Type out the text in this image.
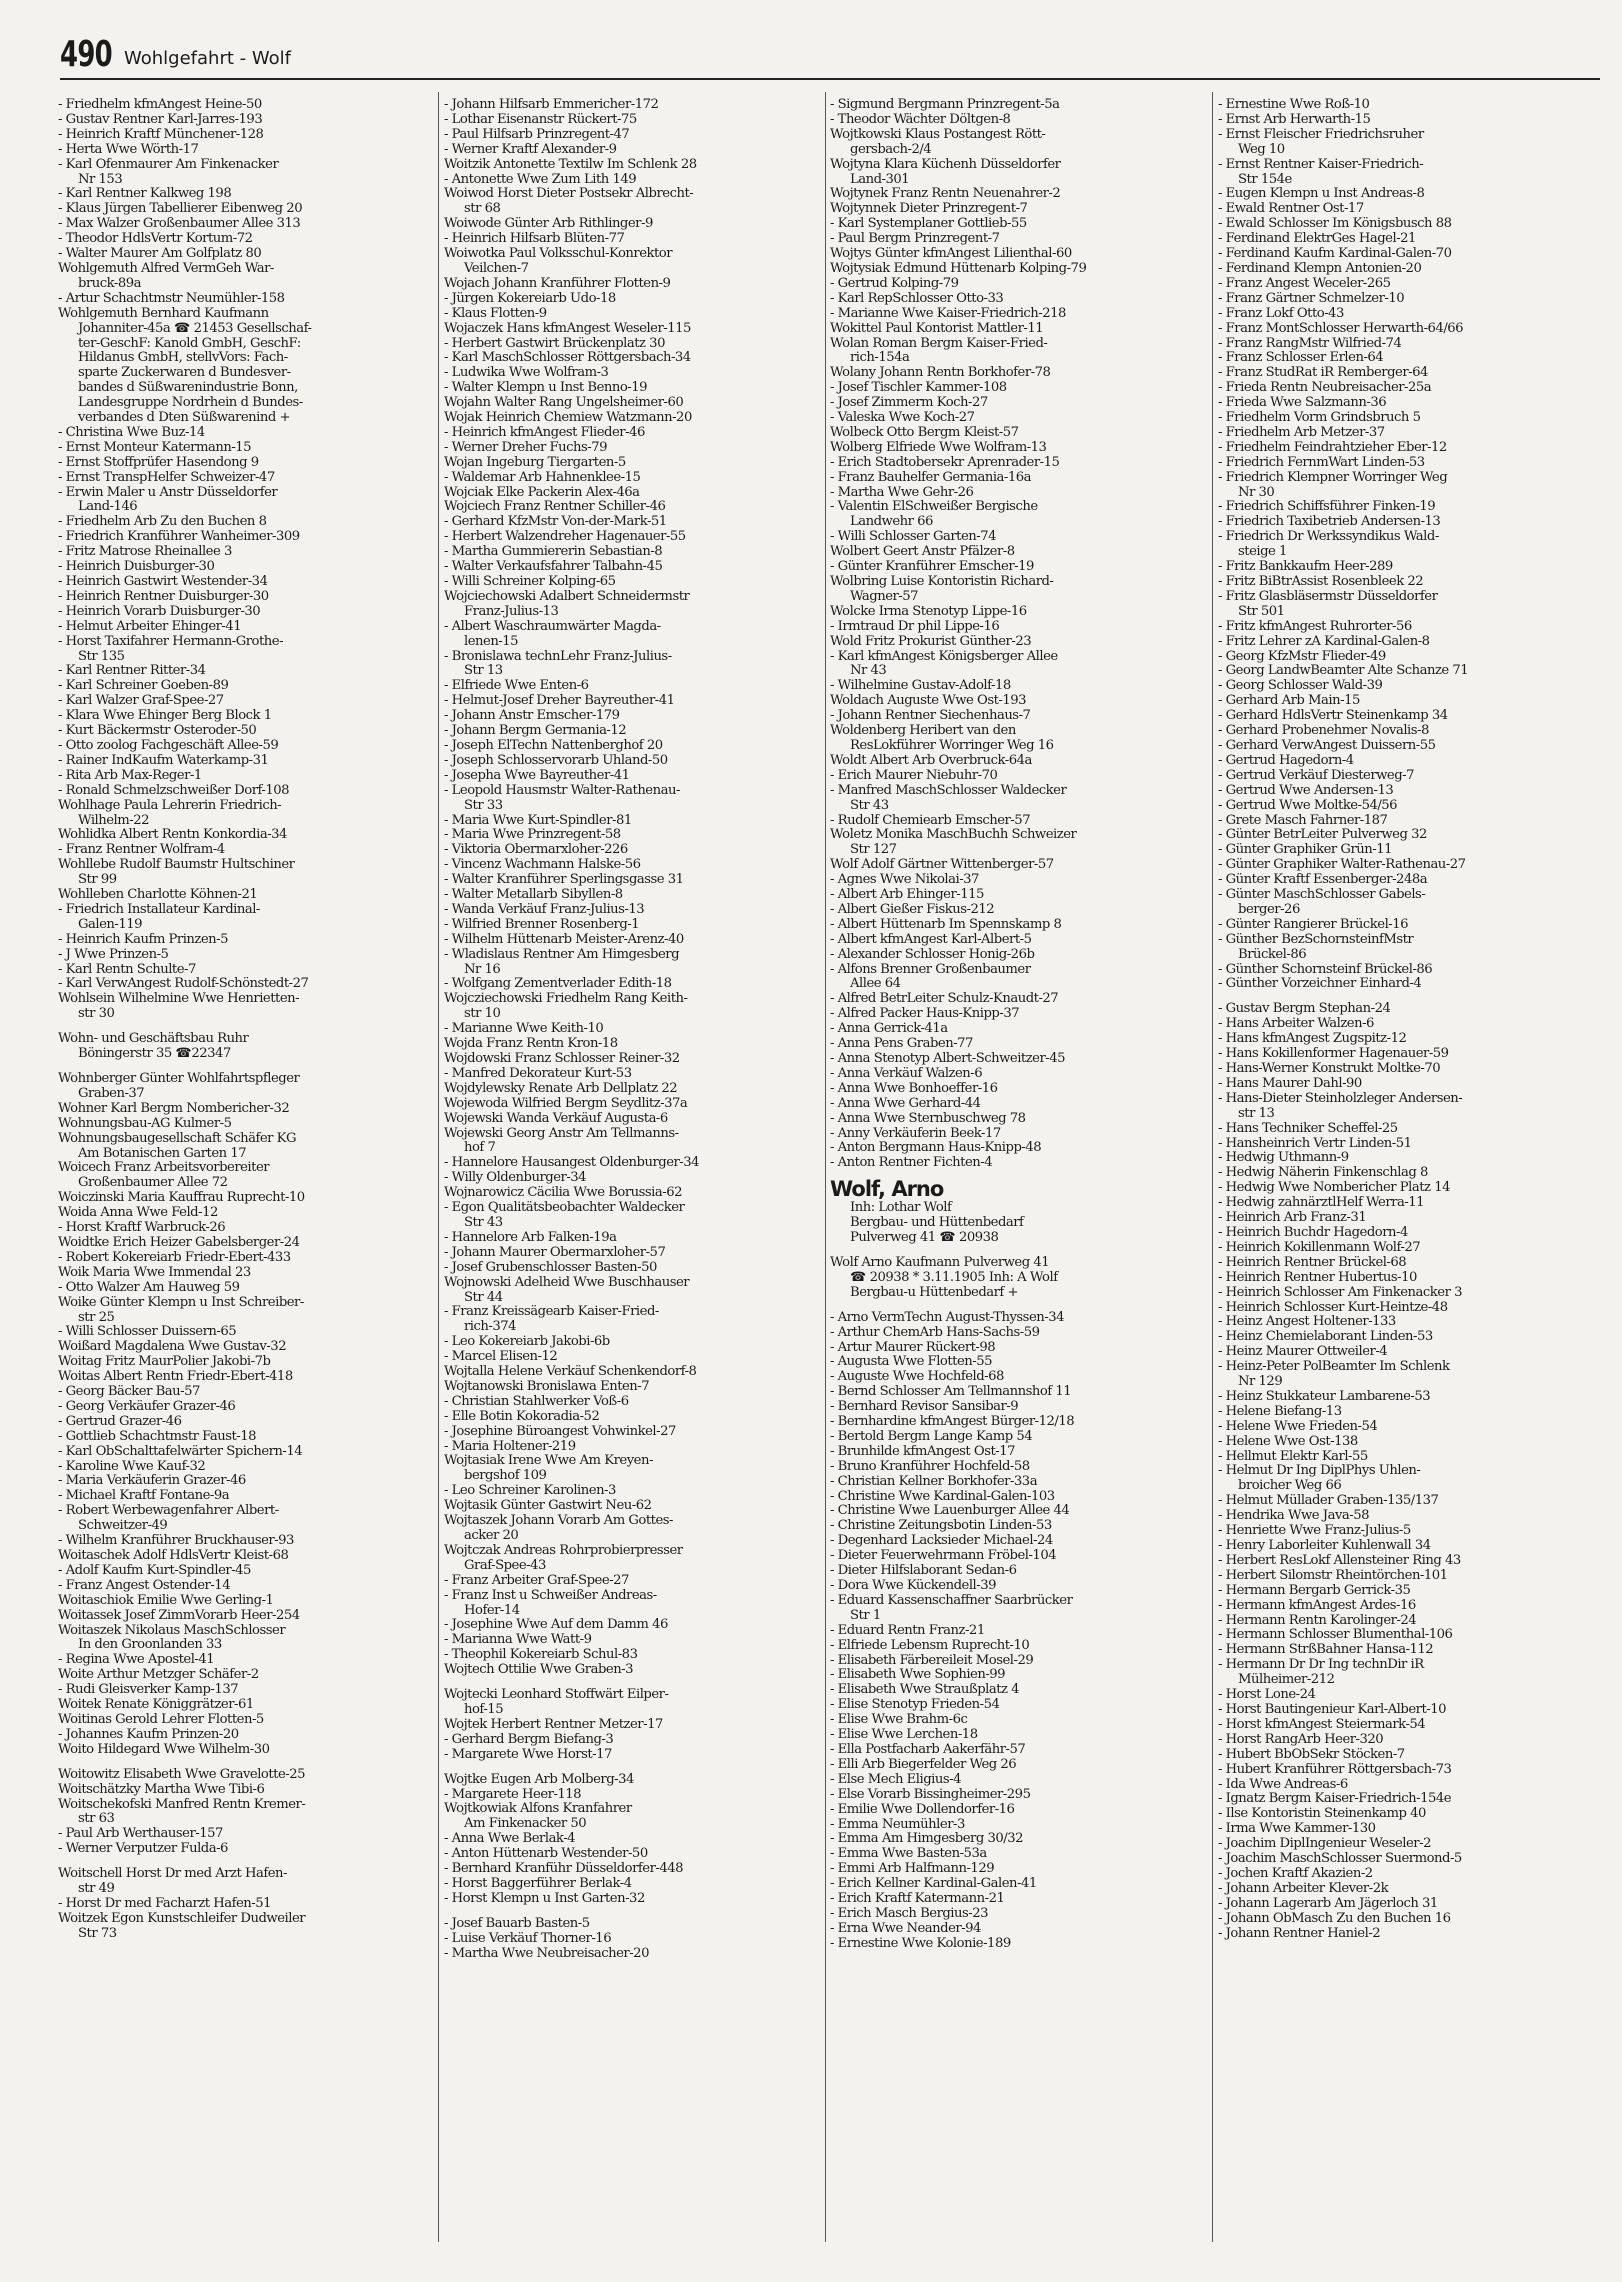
490 Wohlgefahrt - Wolf
- Friedhelm kfmAngest Heine-50
- Gustav Rentner Karl-Jarres-193
- Heinrich Kraftf Münchener-128
- Herta Wwe Wörth-17
- Karl Ofenmaurer Am Finkenacker
Nr 153
- Karl Rentner Kalkweg 198
- Klaus Jürgen Tabellierer Eibenweg 20
- Max Walzer Großenbaumer Allee 313
- Theodor HdlsVertr Kortum-72
- Walter Maurer Am Golfplatz 80
Wohlgemuth Alfred VermGeh War-
bruck-89a
- Artur Schachtmstr Neumühler-158
Wohlgemuth Bernhard Kaufmann
Johanniter-45a ☎ 21453 Gesellschaf-
ter-GeschF: Kanold GmbH, GeschF:
Hildanus GmbH, stellvVors: Fach-
sparte Zuckerwaren d Bundesver-
bandes d Süßwarenindustrie Bonn,
Landesgruppe Nordrhein d Bundes-
verbandes d Dten Süßwarenind +
- Christina Wwe Buz-14
- Ernst Monteur Katermann-15
- Ernst Stoffprüfer Hasendong 9
- Ernst TranspHelfer Schweizer-47
- Erwin Maler u Anstr Düsseldorfer
Land-146
- Friedhelm Arb Zu den Buchen 8
- Friedrich Kranführer Wanheimer-309
- Fritz Matrose Rheinallee 3
- Heinrich Duisburger-30
- Heinrich Gastwirt Westender-34
- Heinrich Rentner Duisburger-30
- Heinrich Vorarb Duisburger-30
- Helmut Arbeiter Ehinger-41
- Horst Taxifahrer Hermann-Grothe-
Str 135
- Karl Rentner Ritter-34
- Karl Schreiner Goeben-89
- Karl Walzer Graf-Spee-27
- Klara Wwe Ehinger Berg Block 1
- Kurt Bäckermstr Osteroder-50
- Otto zoolog Fachgeschäft Allee-59
- Rainer IndKaufm Waterkamp-31
- Rita Arb Max-Reger-1
- Ronald Schmelzschweißer Dorf-108
Wohlhage Paula Lehrerin Friedrich-
Wilhelm-22
Wohlidka Albert Rentn Konkordia-34
- Franz Rentner Wolfram-4
Wohllebe Rudolf Baumstr Hultschiner
Str 99
Wohlleben Charlotte Köhnen-21
- Friedrich Installateur Kardinal-
Galen-119
- Heinrich Kaufm Prinzen-5
- J Wwe Prinzen-5
- Karl Rentn Schulte-7
- Karl VerwAngest Rudolf-Schönstedt-27
Wohlsein Wilhelmine Wwe Henrietten-
str 30
Wohn- und Geschäftsbau Ruhr
Böningerstr 35 ☎22347
Wohnberger Günter Wohlfahrtspfleger
Graben-37
Wohner Karl Bergm Nombericher-32
Wohnungsbau-AG Kulmer-5
Wohnungsbaugesellschaft Schäfer KG
Am Botanischen Garten 17
Woicech Franz Arbeitsvorbereiter
Großenbaumer Allee 72
Woiczinski Maria Kauffrau Ruprecht-10
Woida Anna Wwe Feld-12
- Horst Kraftf Warbruck-26
Woidtke Erich Heizer Gabelsberger-24
- Robert Kokereiarb Friedr-Ebert-433
Woik Maria Wwe Immendal 23
- Otto Walzer Am Hauweg 59
Woike Günter Klempn u Inst Schreiber-
str 25
- Willi Schlosser Duissern-65
Woißard Magdalena Wwe Gustav-32
Woitag Fritz MaurPolier Jakobi-7b
Woitas Albert Rentn Friedr-Ebert-418
- Georg Bäcker Bau-57
- Georg Verkäufer Grazer-46
- Gertrud Grazer-46
- Gottlieb Schachtmstr Faust-18
- Karl ObSchalttafelwärter Spichern-14
- Karoline Wwe Kauf-32
- Maria Verkäuferin Grazer-46
- Michael Kraftf Fontane-9a
- Robert Werbewagenfahrer Albert-
Schweitzer-49
- Wilhelm Kranführer Bruckhauser-93
Woitaschek Adolf HdlsVertr Kleist-68
- Adolf Kaufm Kurt-Spindler-45
- Franz Angest Ostender-14
Woitaschiok Emilie Wwe Gerling-1
Woitassek Josef ZimmVorarb Heer-254
Woitaszek Nikolaus MaschSchlosser
In den Groonlanden 33
- Regina Wwe Apostel-41
Woite Arthur Metzger Schäfer-2
- Rudi Gleisverker Kamp-137
Woitek Renate Königgrätzer-61
Woitinas Gerold Lehrer Flotten-5
- Johannes Kaufm Prinzen-20
Woito Hildegard Wwe Wilhelm-30
Woitowitz Elisabeth Wwe Gravelotte-25
Woitschätzky Martha Wwe Tibi-6
Woitschekofski Manfred Rentn Kremer-
str 63
- Paul Arb Werthauser-157
- Werner Verputzer Fulda-6
Woitschell Horst Dr med Arzt Hafen-
str 49
- Horst Dr med Facharzt Hafen-51
Woitzek Egon Kunstschleifer Dudweiler
Str 73
- Johann Hilfsarb Emmericher-172
- Lothar Eisenanstr Rückert-75
- Paul Hilfsarb Prinzregent-47
- Werner Kraftf Alexander-9
Woitzik Antonette Textilw Im Schlenk 28
- Antonette Wwe Zum Lith 149
Woiwod Horst Dieter Postsekr Albrecht-
str 68
Woiwode Günter Arb Rithlinger-9
- Heinrich Hilfsarb Blüten-77
Woiwotka Paul Volksschul-Konrektor
Veilchen-7
Wojach Johann Kranführer Flotten-9
- Jürgen Kokereiarb Udo-18
- Klaus Flotten-9
Wojaczek Hans kfmAngest Weseler-115
- Herbert Gastwirt Brückenplatz 30
- Karl MaschSchlosser Röttgersbach-34
- Ludwika Wwe Wolfram-3
- Walter Klempn u Inst Benno-19
Wojahn Walter Rang Ungelsheimer-60
Wojak Heinrich Chemiew Watzmann-20
- Heinrich kfmAngest Flieder-46
- Werner Dreher Fuchs-79
Wojan Ingeburg Tiergarten-5
- Waldemar Arb Hahnenklee-15
Wojciak Elke Packerin Alex-46a
Wojciech Franz Rentner Schiller-46
- Gerhard KfzMstr Von-der-Mark-51
- Herbert Walzendreher Hagenauer-55
- Martha Gummiererin Sebastian-8
- Walter Verkaufsfahrer Talbahn-45
- Willi Schreiner Kolping-65
Wojciechowski Adalbert Schneidermstr
Franz-Julius-13
- Albert Waschraumwärter Magda-
lenen-15
- Bronislawa technLehr Franz-Julius-
Str 13
- Elfriede Wwe Enten-6
- Helmut-Josef Dreher Bayreuther-41
- Johann Anstr Emscher-179
- Johann Bergm Germania-12
- Joseph ElTechn Nattenberghof 20
- Joseph Schlosservorarb Uhland-50
- Josepha Wwe Bayreuther-41
- Leopold Hausmstr Walter-Rathenau-
Str 33
- Maria Wwe Kurt-Spindler-81
- Maria Wwe Prinzregent-58
- Viktoria Obermarxloher-226
- Vincenz Wachmann Halske-56
- Walter Kranführer Sperlingsgasse 31
- Walter Metallarb Sibyllen-8
- Wanda Verkäuf Franz-Julius-13
- Wilfried Brenner Rosenberg-1
- Wilhelm Hüttenarb Meister-Arenz-40
- Wladislaus Rentner Am Himgesberg
Nr 16
- Wolfgang Zementverlader Edith-18
Wojcziechowski Friedhelm Rang Keith-
str 10
- Marianne Wwe Keith-10
Wojda Franz Rentn Kron-18
Wojdowski Franz Schlosser Reiner-32
- Manfred Dekorateur Kurt-53
Wojdylewsky Renate Arb Dellplatz 22
Wojewoda Wilfried Bergm Seydlitz-37a
Wojewski Wanda Verkäuf Augusta-6
Wojewski Georg Anstr Am Tellmanns-
hof 7
- Hannelore Hausangest Oldenburger-34
- Willy Oldenburger-34
Wojnarowicz Cäcilia Wwe Borussia-62
- Egon Qualitätsbeobachter Waldecker
Str 43
- Hannelore Arb Falken-19a
- Johann Maurer Obermarxloher-57
- Josef Grubenschlosser Basten-50
Wojnowski Adelheid Wwe Buschhauser
Str 44
- Franz Kreissägearb Kaiser-Fried-
rich-374
- Leo Kokereiarb Jakobi-6b
- Marcel Elisen-12
Wojtalla Helene Verkäuf Schenkendorf-8
Wojtanowski Bronislawa Enten-7
- Christian Stahlwerker Voß-6
- Elle Botin Kokoradia-52
- Josephine Büroangest Vohwinkel-27
- Maria Holtener-219
Wojtasiak Irene Wwe Am Kreyen-
bergshof 109
- Leo Schreiner Karolinen-3
Wojtasik Günter Gastwirt Neu-62
Wojtaszek Johann Vorarb Am Gottes-
acker 20
Wojtczak Andreas Rohrprobierpresser
Graf-Spee-43
- Franz Arbeiter Graf-Spee-27
- Franz Inst u Schweißer Andreas-
Hofer-14
- Josephine Wwe Auf dem Damm 46
- Marianna Wwe Watt-9
- Theophil Kokereiarb Schul-83
Wojtech Ottilie Wwe Graben-3
Wojtecki Leonhard Stoffwärt Eilper-
hof-15
Wojtek Herbert Rentner Metzer-17
- Gerhard Bergm Biefang-3
- Margarete Wwe Horst-17
Wojtke Eugen Arb Molberg-34
- Margarete Heer-118
Wojtkowiak Alfons Kranfahrer
Am Finkenacker 50
- Anna Wwe Berlak-4
- Anton Hüttenarb Westender-50
- Bernhard Kranführ Düsseldorfer-448
- Horst Baggerführer Berlak-4
- Horst Klempn u Inst Garten-32
- Josef Bauarb Basten-5
- Luise Verkäuf Thorner-16
- Martha Wwe Neubreisacher-20
- Sigmund Bergmann Prinzregent-5a
- Theodor Wächter Döltgen-8
Wojtkowski Klaus Postangest Rött-
gersbach-2/4
Wojtyna Klara Küchenh Düsseldorfer
Land-301
Wojtynek Franz Rentn Neuenahrer-2
Wojtynnek Dieter Prinzregent-7
- Karl Systemplaner Gottlieb-55
- Paul Bergm Prinzregent-7
Wojtys Günter kfmAngest Lilienthal-60
Wojtysiak Edmund Hüttenarb Kolping-79
- Gertrud Kolping-79
- Karl RepSchlosser Otto-33
- Marianne Wwe Kaiser-Friedrich-218
Wokittel Paul Kontorist Mattler-11
Wolan Roman Bergm Kaiser-Fried-
rich-154a
Wolany Johann Rentn Borkhofer-78
- Josef Tischler Kammer-108
- Josef Zimmerm Koch-27
- Valeska Wwe Koch-27
Wolbeck Otto Bergm Kleist-57
Wolberg Elfriede Wwe Wolfram-13
- Erich Stadtobersekr Aprenrader-15
- Franz Bauhelfer Germania-16a
- Martha Wwe Gehr-26
- Valentin ElSchweißer Bergische
Landwehr 66
- Willi Schlosser Garten-74
Wolbert Geert Anstr Pfälzer-8
- Günter Kranführer Emscher-19
Wolbring Luise Kontoristin Richard-
Wagner-57
Wolcke Irma Stenotyp Lippe-16
- Irmtraud Dr phil Lippe-16
Wold Fritz Prokurist Günther-23
- Karl kfmAngest Königsberger Allee
Nr 43
- Wilhelmine Gustav-Adolf-18
Woldach Auguste Wwe Ost-193
- Johann Rentner Siechenhaus-7
Woldenberg Heribert van den
ResLokführer Worringer Weg 16
Woldt Albert Arb Overbruck-64a
- Erich Maurer Niebuhr-70
- Manfred MaschSchlosser Waldecker
Str 43
- Rudolf Chemiearb Emscher-57
Woletz Monika MaschBuchh Schweizer
Str 127
Wolf Adolf Gärtner Wittenberger-57
- Agnes Wwe Nikolai-37
- Albert Arb Ehinger-115
- Albert Gießer Fiskus-212
- Albert Hüttenarb Im Spennskamp 8
- Albert kfmAngest Karl-Albert-5
- Alexander Schlosser Honig-26b
- Alfons Brenner Großenbaumer
Allee 64
- Alfred BetrLeiter Schulz-Knaudt-27
- Alfred Packer Haus-Knipp-37
- Anna Gerrick-41a
- Anna Pens Graben-77
- Anna Stenotyp Albert-Schweitzer-45
- Anna Verkäuf Walzen-6
- Anna Wwe Bonhoeffer-16
- Anna Wwe Gerhard-44
- Anna Wwe Sternbuschweg 78
- Anny Verkäuferin Beek-17
- Anton Bergmann Haus-Knipp-48
- Anton Rentner Fichten-4
Wolf, Arno
Inh: Lothar Wolf
Bergbau- und Hüttenbedarf
Pulverweg 41 ☎ 20938
Wolf Arno Kaufmann Pulverweg 41
☎ 20938 * 3.11.1905 Inh: A Wolf
Bergbau-u Hüttenbedarf +
- Arno VermTechn August-Thyssen-34
- Arthur ChemArb Hans-Sachs-59
- Artur Maurer Rückert-98
- Augusta Wwe Flotten-55
- Auguste Wwe Hochfeld-68
- Bernd Schlosser Am Tellmannshof 11
- Bernhard Revisor Sansibar-9
- Bernhardine kfmAngest Bürger-12/18
- Bertold Bergm Lange Kamp 54
- Brunhilde kfmAngest Ost-17
- Bruno Kranführer Hochfeld-58
- Christian Kellner Borkhofer-33a
- Christine Wwe Kardinal-Galen-103
- Christine Wwe Lauenburger Allee 44
- Christine Zeitungsbotin Linden-53
- Degenhard Lacksieder Michael-24
- Dieter Feuerwehrmann Fröbel-104
- Dieter Hilfslaborant Sedan-6
- Dora Wwe Kückendell-39
- Eduard Kassenschaffner Saarbrücker
Str 1
- Eduard Rentn Franz-21
- Elfriede Lebensm Ruprecht-10
- Elisabeth Färbereileit Mosel-29
- Elisabeth Wwe Sophien-99
- Elisabeth Wwe Straußplatz 4
- Elise Stenotyp Frieden-54
- Elise Wwe Brahm-6c
- Elise Wwe Lerchen-18
- Ella Postfacharb Aakerfähr-57
- Elli Arb Biegerfelder Weg 26
- Else Mech Eligius-4
- Else Vorarb Bissingheimer-295
- Emilie Wwe Dollendorfer-16
- Emma Neumühler-3
- Emma Am Himgesberg 30/32
- Emma Wwe Basten-53a
- Emmi Arb Halfmann-129
- Erich Kellner Kardinal-Galen-41
- Erich Kraftf Katermann-21
- Erich Masch Bergius-23
- Erna Wwe Neander-94
- Ernestine Wwe Kolonie-189
- Ernestine Wwe Roß-10
- Ernst Arb Herwarth-15
- Ernst Fleischer Friedrichsruher
Weg 10
- Ernst Rentner Kaiser-Friedrich-
Str 154e
- Eugen Klempn u Inst Andreas-8
- Ewald Rentner Ost-17
- Ewald Schlosser Im Königsbusch 88
- Ferdinand ElektrGes Hagel-21
- Ferdinand Kaufm Kardinal-Galen-70
- Ferdinand Klempn Antonien-20
- Franz Angest Weceler-265
- Franz Gärtner Schmelzer-10
- Franz Lokf Otto-43
- Franz MontSchlosser Herwarth-64/66
- Franz RangMstr Wilfried-74
- Franz Schlosser Erlen-64
- Franz StudRat iR Remberger-64
- Frieda Rentn Neubreisacher-25a
- Frieda Wwe Salzmann-36
- Friedhelm Vorm Grindsbruch 5
- Friedhelm Arb Metzer-37
- Friedhelm Feindrahtzieher Eber-12
- Friedrich FernmWart Linden-53
- Friedrich Klempner Worringer Weg
Nr 30
- Friedrich Schiffsführer Finken-19
- Friedrich Taxibetrieb Andersen-13
- Friedrich Dr Werkssyndikus Wald-
steige 1
- Fritz Bankkaufm Heer-289
- Fritz BiBtrAssist Rosenbleek 22
- Fritz Glasbläsermstr Düsseldorfer
Str 501
- Fritz kfmAngest Ruhrorter-56
- Fritz Lehrer zA Kardinal-Galen-8
- Georg KfzMstr Flieder-49
- Georg LandwBeamter Alte Schanze 71
- Georg Schlosser Wald-39
- Gerhard Arb Main-15
- Gerhard HdlsVertr Steinenkamp 34
- Gerhard Probenehmer Novalis-8
- Gerhard VerwAngest Duissern-55
- Gertrud Hagedorn-4
- Gertrud Verkäuf Diesterweg-7
- Gertrud Wwe Andersen-13
- Gertrud Wwe Moltke-54/56
- Grete Masch Fahrner-187
- Günter BetrLeiter Pulverweg 32
- Günter Graphiker Grün-11
- Günter Graphiker Walter-Rathenau-27
- Günter Kraftf Essenberger-248a
- Günter MaschSchlosser Gabels-
berger-26
- Günter Rangierer Brückel-16
- Günther BezSchornsteinfMstr
Brückel-86
- Günther Schornsteinf Brückel-86
- Günther Vorzeichner Einhard-4
- Gustav Bergm Stephan-24
- Hans Arbeiter Walzen-6
- Hans kfmAngest Zugspitz-12
- Hans Kokillenformer Hagenauer-59
- Hans-Werner Konstrukt Moltke-70
- Hans Maurer Dahl-90
- Hans-Dieter Steinholzleger Andersen-
str 13
- Hans Techniker Scheffel-25
- Hansheinrich Vertr Linden-51
- Hedwig Uthmann-9
- Hedwig Näherin Finkenschlag 8
- Hedwig Wwe Nombericher Platz 14
- Hedwig zahnärztlHelf Werra-11
- Heinrich Arb Franz-31
- Heinrich Buchdr Hagedorn-4
- Heinrich Kokillenmann Wolf-27
- Heinrich Rentner Brückel-68
- Heinrich Rentner Hubertus-10
- Heinrich Schlosser Am Finkenacker 3
- Heinrich Schlosser Kurt-Heintze-48
- Heinz Angest Holtener-133
- Heinz Chemielaborant Linden-53
- Heinz Maurer Ottweiler-4
- Heinz-Peter PolBeamter Im Schlenk
Nr 129
- Heinz Stukkateur Lambarene-53
- Helene Biefang-13
- Helene Wwe Frieden-54
- Helene Wwe Ost-138
- Hellmut Elektr Karl-55
- Helmut Dr Ing DiplPhys Uhlen-
broicher Weg 66
- Helmut Müllader Graben-135/137
- Hendrika Wwe Java-58
- Henriette Wwe Franz-Julius-5
- Henry Laborleiter Kuhlenwall 34
- Herbert ResLokf Allensteiner Ring 43
- Herbert Silomstr Rheintörchen-101
- Hermann Bergarb Gerrick-35
- Hermann kfmAngest Ardes-16
- Hermann Rentn Karolinger-24
- Hermann Schlosser Blumenthal-106
- Hermann StrßBahner Hansa-112
- Hermann Dr Dr Ing technDir iR
Mülheimer-212
- Horst Lone-24
- Horst Bautingenieur Karl-Albert-10
- Horst kfmAngest Steiermark-54
- Horst RangArb Heer-320
- Hubert BbObSekr Stöcken-7
- Hubert Kranführer Röttgersbach-73
- Ida Wwe Andreas-6
- Ignatz Bergm Kaiser-Friedrich-154e
- Ilse Kontoristin Steinenkamp 40
- Irma Wwe Kammer-130
- Joachim DiplIngenieur Weseler-2
- Joachim MaschSchlosser Suermond-5
- Jochen Kraftf Akazien-2
- Johann Arbeiter Klever-2k
- Johann Lagerarb Am Jägerloch 31
- Johann ObMasch Zu den Buchen 16
- Johann Rentner Haniel-2
